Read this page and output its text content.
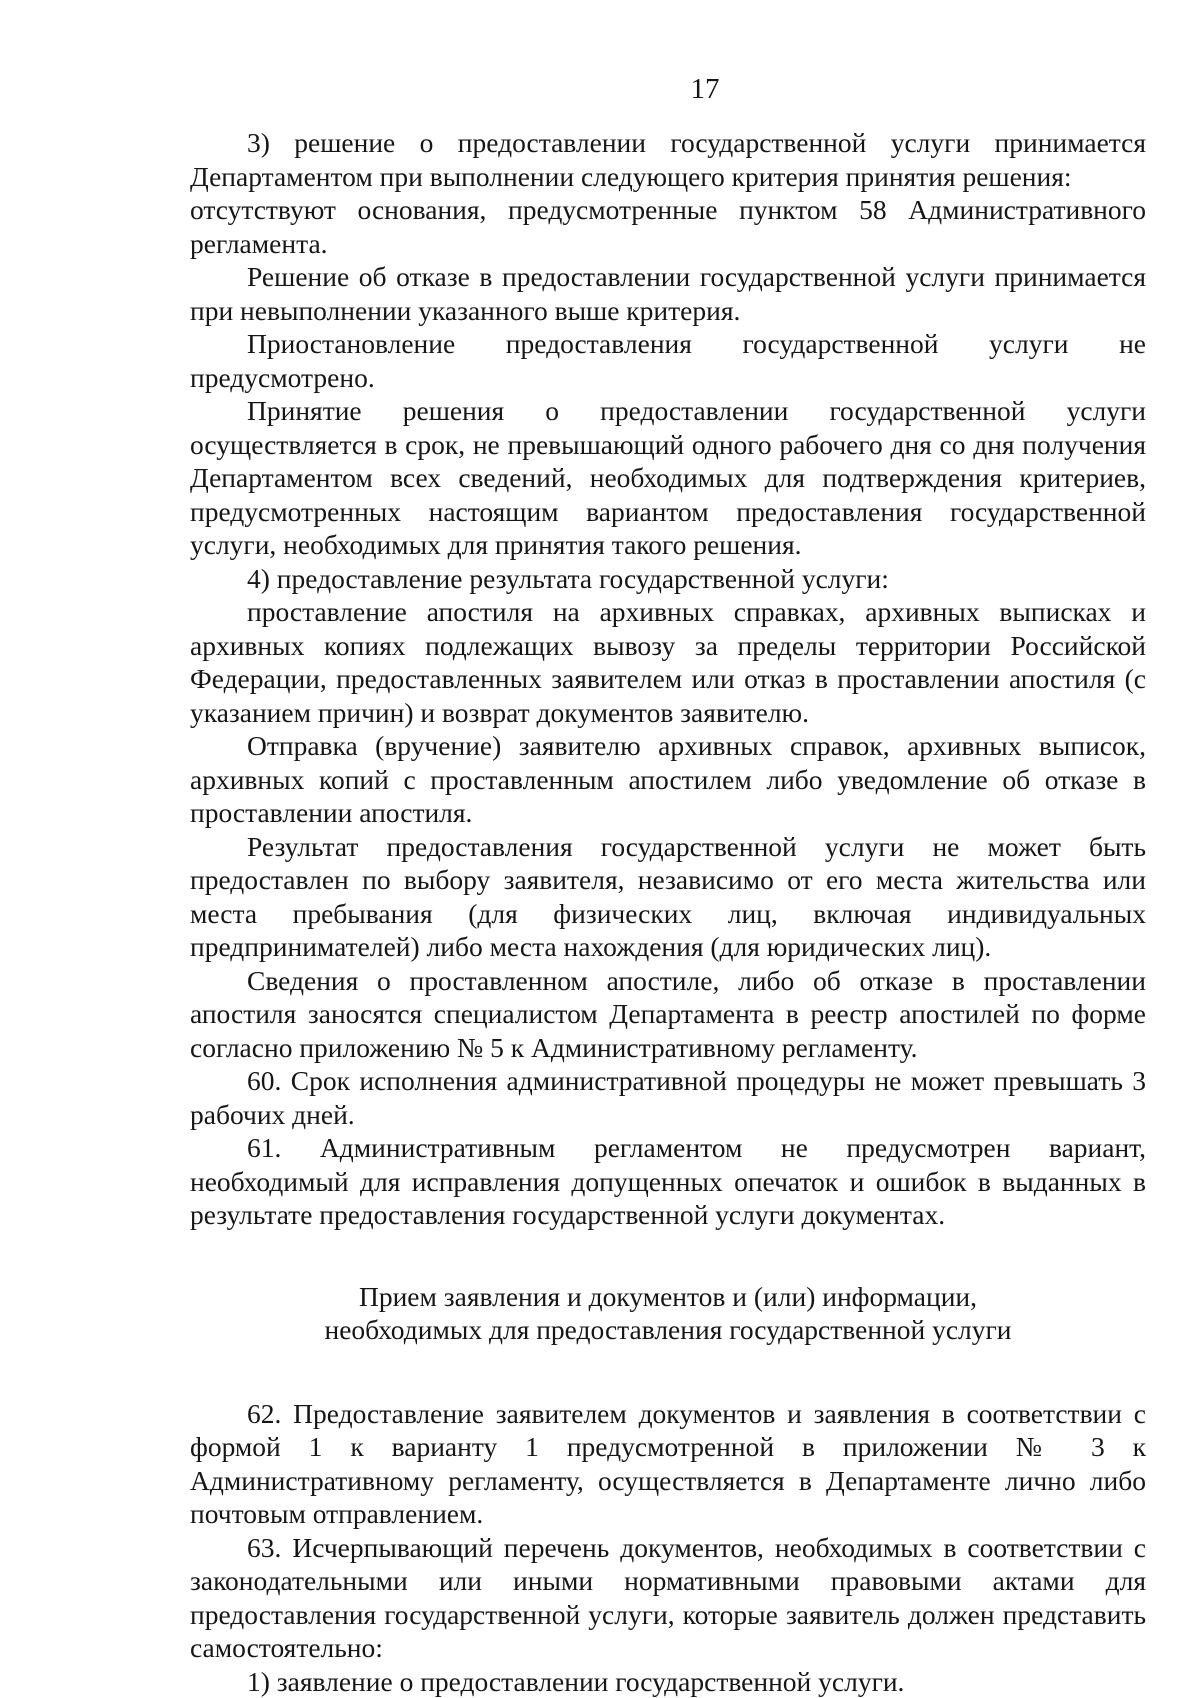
17

3) решение о предоставлении государственной услуги принимается Департаментом при выполнении следующего критерия принятия решения:

отсутствуют основания, предусмотренные пунктом 58 Административного регламента.

Решение об отказе в предоставлении государственной услуги принимается при невыполнении указанного выше критерия.

Приостановление предоставления государственной услуги не предусмотрено.

Принятие решения о предоставлении государственной услуги осуществляется в срок, не превышающий одного рабочего дня со дня получения Департаментом всех сведений, необходимых для подтверждения критериев, предусмотренных настоящим вариантом предоставления государственной услуги, необходимых для принятия такого решения.

4) предоставление результата государственной услуги:

проставление апостиля на архивных справках, архивных выписках и архивных копиях подлежащих вывозу за пределы территории Российской Федерации, предоставленных заявителем или отказ в проставлении апостиля (с указанием причин) и возврат документов заявителю.

Отправка (вручение) заявителю архивных справок, архивных выписок, архивных копий с проставленным апостилем либо уведомление об отказе в проставлении апостиля.

Результат предоставления государственной услуги не может быть предоставлен по выбору заявителя, независимо от его места жительства или места пребывания (для физических лиц, включая индивидуальных предпринимателей) либо места нахождения (для юридических лиц).

Сведения о проставленном апостиле, либо об отказе в проставлении апостиля заносятся специалистом Департамента в реестр апостилей по форме согласно приложению № 5 к Административному регламенту.

60. Срок исполнения административной процедуры не может превышать 3 рабочих дней.

61. Административным регламентом не предусмотрен вариант, необходимый для исправления допущенных опечаток и ошибок в выданных в результате предоставления государственной услуги документах.

Прием заявления и документов и (или) информации,
необходимых для предоставления государственной услуги

62. Предоставление заявителем документов и заявления в соответствии с формой 1 к варианту 1 предусмотренной в приложении № 3 к Административному регламенту, осуществляется в Департаменте лично либо почтовым отправлением.

63. Исчерпывающий перечень документов, необходимых в соответствии с законодательными или иными нормативными правовыми актами для предоставления государственной услуги, которые заявитель должен представить самостоятельно:

1) заявление о предоставлении государственной услуги.
